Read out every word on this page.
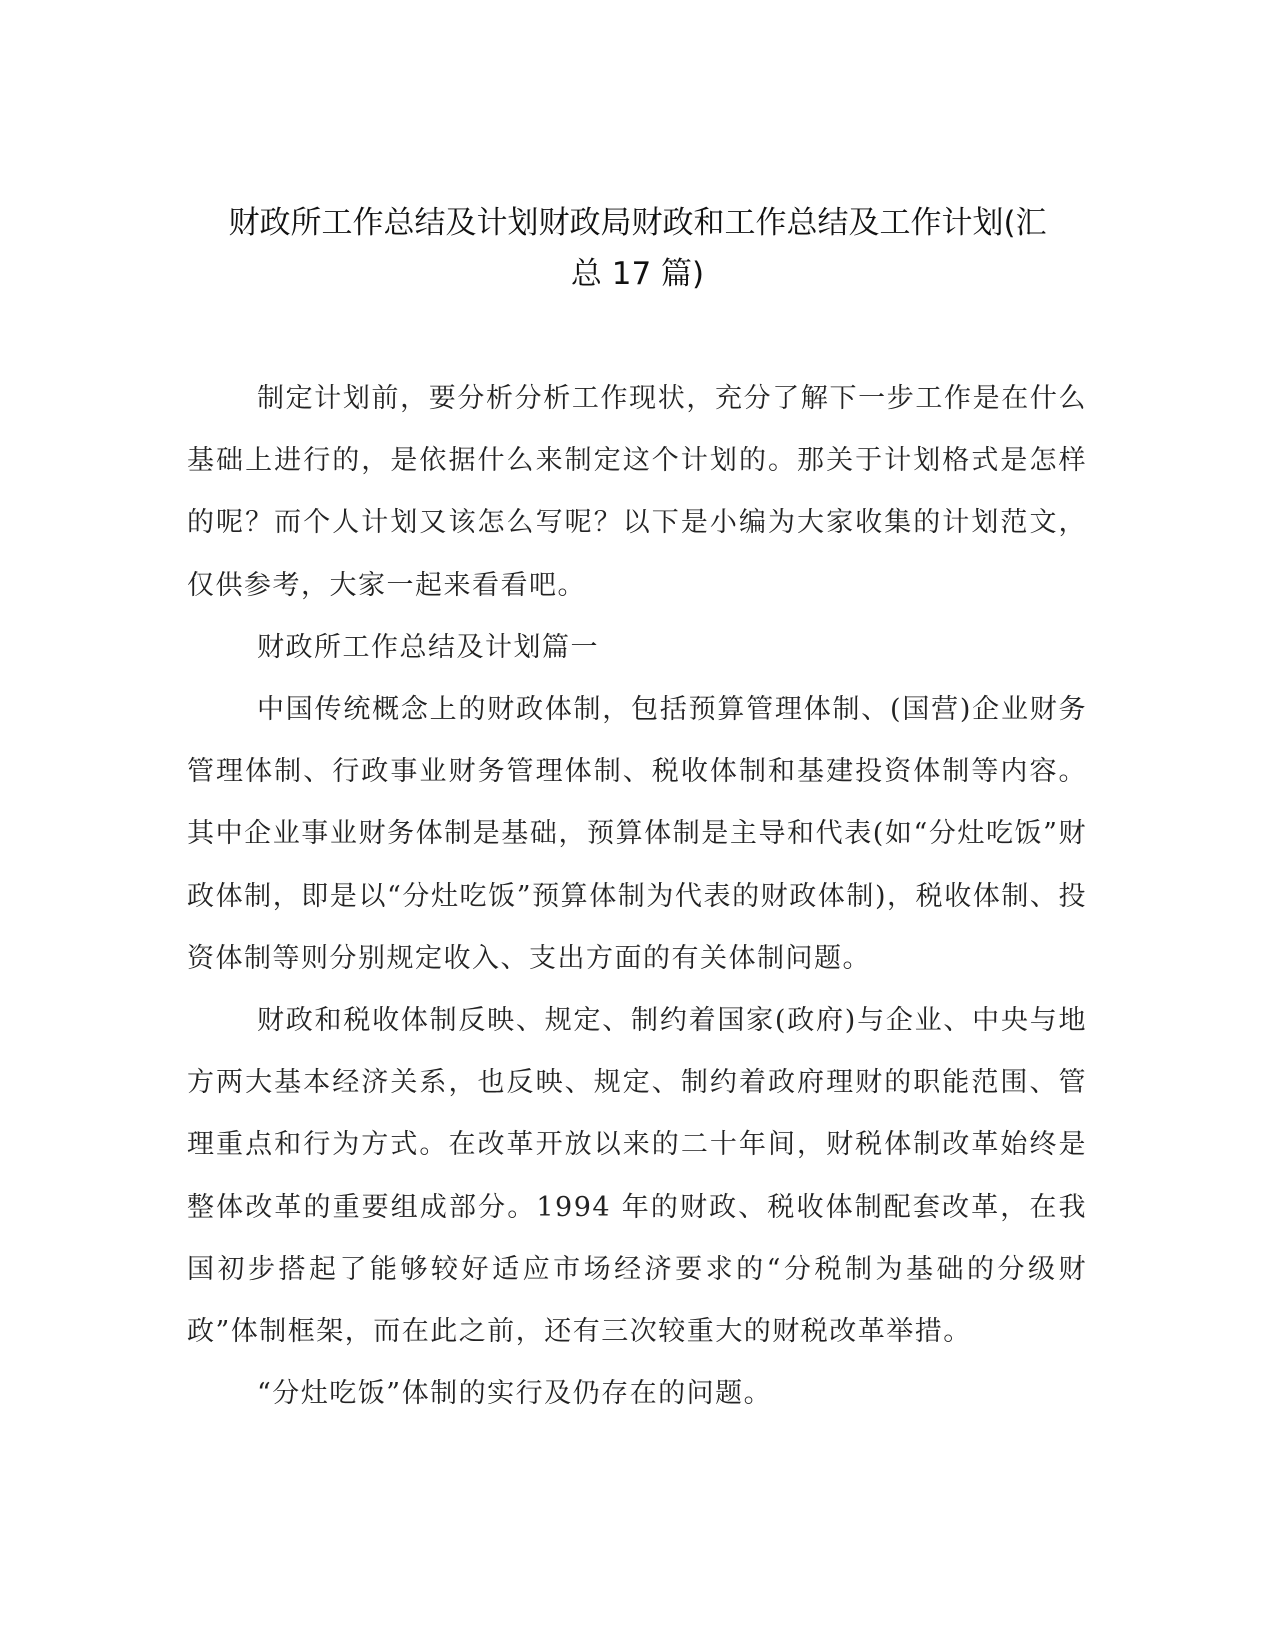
财政所工作总结及计划财政局财政和工作总结及工作计划(汇
总 17 篇)

制定计划前，要分析分析工作现状，充分了解下一步工作是在什么基础上进行的，是依据什么来制定这个计划的。那关于计划格式是怎样的呢？而个人计划又该怎么写呢？以下是小编为大家收集的计划范文，仅供参考，大家一起来看看吧。

财政所工作总结及计划篇一

中国传统概念上的财政体制，包括预算管理体制、(国营)企业财务管理体制、行政事业财务管理体制、税收体制和基建投资体制等内容。其中企业事业财务体制是基础，预算体制是主导和代表(如“分灶吃饭”财政体制，即是以“分灶吃饭”预算体制为代表的财政体制)，税收体制、投资体制等则分别规定收入、支出方面的有关体制问题。

财政和税收体制反映、规定、制约着国家(政府)与企业、中央与地方两大基本经济关系，也反映、规定、制约着政府理财的职能范围、管理重点和行为方式。在改革开放以来的二十年间，财税体制改革始终是整体改革的重要组成部分。1994 年的财政、税收体制配套改革，在我国初步搭起了能够较好适应市场经济要求的“分税制为基础的分级财政”体制框架，而在此之前，还有三次较重大的财税改革举措。

“分灶吃饭”体制的实行及仍存在的问题。
